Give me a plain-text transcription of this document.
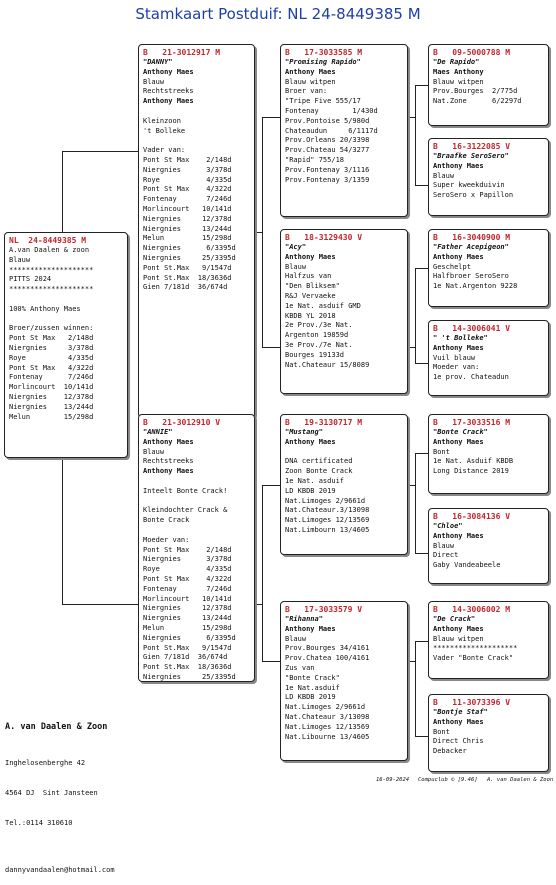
Stamkaart Postduif: NL 24-8449385 M
NL  24-8449385 M
A.van Daalen & zoon
Blauw
********************
PITTS 2024
********************
100% Anthony Maes
Broer/zussen winnen:
Pont St Max   2/148d
Niergnies     3/378d
Roye          4/335d
Pont St Max   4/322d
Fontenay      7/246d
Morlincourt  10/141d
Niergnies    12/378d
Niergnies    13/244d
Melun        15/298d
B   21-3012917 M
"DANNY"
Anthony Maes
Blauw
Rechtstreeks
Anthony Maes
Kleinzoon
't Bolleke
Vader van:
Pont St Max    2/148d
Niergnies      3/378d
Roye           4/335d
Pont St Max    4/322d
Fontenay       7/246d
Morlincourt   10/141d
Niergnies     12/378d
Niergnies     13/244d
Melun         15/298d
Niergnies      6/3395d
Niergnies     25/3395d
Pont St.Max   9/1547d
Pont St.Max  18/3636d
Gien 7/181d  36/674d
B   21-3012910 V
"ANNIE"
Anthony Maes
Blauw
Rechtstreeks
Anthony Maes
Inteelt Bonte Crack!
Kleindochter Crack &
Bonte Crack
Moeder van:
Pont St Max    2/148d
Niergnies      3/378d
Roye           4/335d
Pont St Max    4/322d
Fontenay       7/246d
Morlincourt   10/141d
Niergnies     12/378d
Niergnies     13/244d
Melun         15/298d
Niergnies      6/3395d
Pont St.Max   9/1547d
Gien 7/181d  36/674d
Pont St.Max  18/3636d
Niergnies     25/3395d
B   17-3033585 M
"Promising Rapido"
Anthony Maes
Blauw witpen
Broer van:
"Tripe Five 555/17
Fontenay        1/430d
Prov.Pontoise 5/980d
Chateaudun     6/1117d
Prov.Orleans 20/3398
Prov.Chateau 54/3277
"Rapid" 755/18
Prov.Fontenay 3/1116
Prov.Fontenay 3/1359
B   18-3129430 V
"Acy"
Anthony Maes
Blauw
Halfzus van
"Den Bliksem"
R&J Vervaeke
1e Nat. asduif GMD
KBDB YL 2018
2e Prov./3e Nat.
Argenton 19859d
3e Prov./7e Nat.
Bourges 19133d
Nat.Chateaur 15/8089
B   19-3130717 M
"Mustang"
Anthony Maes
DNA certificated
Zoon Bonte Crack
1e Nat. asduif
LD KBDB 2019
Nat.Limoges 2/9661d
Nat.Chateaur.3/13098
Nat.Limoges 12/13569
Nat.Limbourn 13/4605
B   17-3033579 V
"Rihanna"
Anthony Maes
Blauw
Prov.Bourges 34/4161
Prov.Chatea 100/4161
Zus van
"Bonte Crack"
1e Nat.asduif
LD KBDB 2019
Nat.Limoges 2/9661d
Nat.Chateaur 3/13098
Nat.Limoges 12/13569
Nat.Libourne 13/4605
B   09-5000788 M
"De Rapido"
Maes Anthony
Blauw witpen
Prov.Bourges  2/775d
Nat.Zone      6/2297d
B   16-3122085 V
"Braafke SeroSero"
Anthony Maes
Blauw
Super kweekduivin
SeroSero x Papillon
B   16-3040900 M
"Father Acepigeon"
Anthony Maes
Geschelpt
Halfbroer SeroSero
1e Nat.Argenton 9228
B   14-3006041 V
" 't Bolleke"
Anthony Maes
Vuil blauw
Moeder van:
1e prov. Chateadun
B   17-3033516 M
"Bonte Crack"
Anthony Maes
Bont
1e Nat. Asduif KBDB
Long Distance 2019
B   16-3084136 V
"Chloe"
Anthony Maes
Blauw
Direct
Gaby Vandeabeele
B   14-3006002 M
"De Crack"
Anthony Maes
Blauw witpen
********************
Vader "Bonte Crack"
B   11-3073396 V
"Bontje Staf"
Anthony Maes
Bont
Direct Chris
Debacker

A. van Daalen & Zoon

Inghelosenberghe 42

4564 DJ  Sint Jansteen

Tel.:0114 310610

dannyvandaalen@hotmail.com

16-09-2024 Compuclub © [9.46] A. van Daalen & Zoon
